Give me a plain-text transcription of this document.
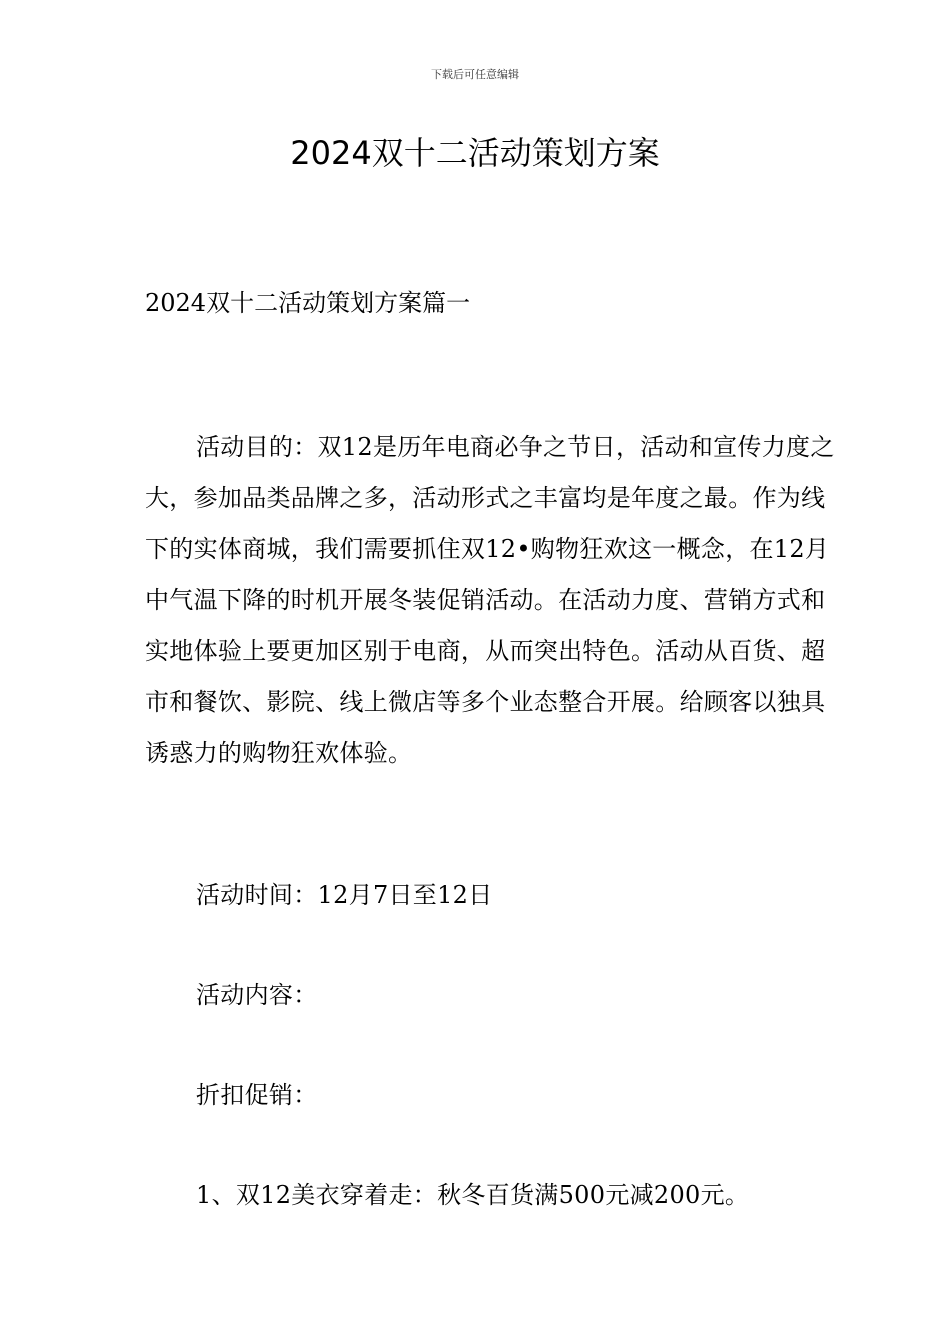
下载后可任意编辑
2024双十二活动策划方案

2024双十二活动策划方案篇一

活动目的：双12是历年电商必争之节日，活动和宣传力度之大，参加品类品牌之多，活动形式之丰富均是年度之最。作为线下的实体商城，我们需要抓住双12•购物狂欢这一概念，在12月中气温下降的时机开展冬装促销活动。在活动力度、营销方式和实地体验上要更加区别于电商，从而突出特色。活动从百货、超市和餐饮、影院、线上微店等多个业态整合开展。给顾客以独具诱惑力的购物狂欢体验。

活动时间：12月7日至12日

活动内容：

折扣促销：

1、双12美衣穿着走：秋冬百货满500元减200元。
